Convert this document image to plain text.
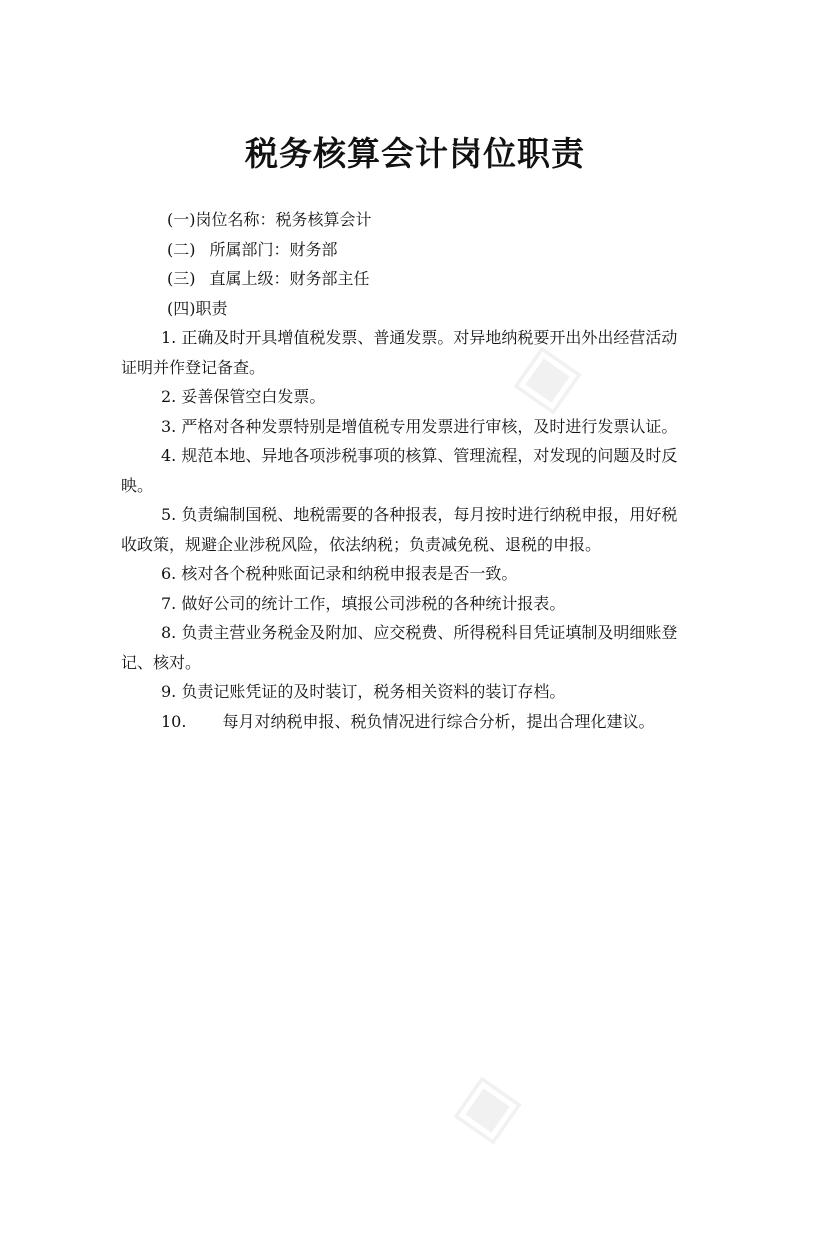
▣
▣
税务核算会计岗位职责

(一)岗位名称：税务核算会计

(二) 所属部门：财务部

(三) 直属上级：财务部主任

(四)职责

1. 正确及时开具增值税发票、普通发票。对异地纳税要开出外出经营活动
证明并作登记备查。
2. 妥善保管空白发票。
3. 严格对各种发票特别是增值税专用发票进行审核，及时进行发票认证。
4. 规范本地、异地各项涉税事项的核算、管理流程，对发现的问题及时反
映。
5. 负责编制国税、地税需要的各种报表，每月按时进行纳税申报，用好税
收政策，规避企业涉税风险，依法纳税；负责减免税、退税的申报。
6. 核对各个税种账面记录和纳税申报表是否一致。
7. 做好公司的统计工作，填报公司涉税的各种统计报表。
8. 负责主营业务税金及附加、应交税费、所得税科目凭证填制及明细账登
记、核对。
9. 负责记账凭证的及时装订，税务相关资料的装订存档。

10. 每月对纳税申报、税负情况进行综合分析，提出合理化建议。
